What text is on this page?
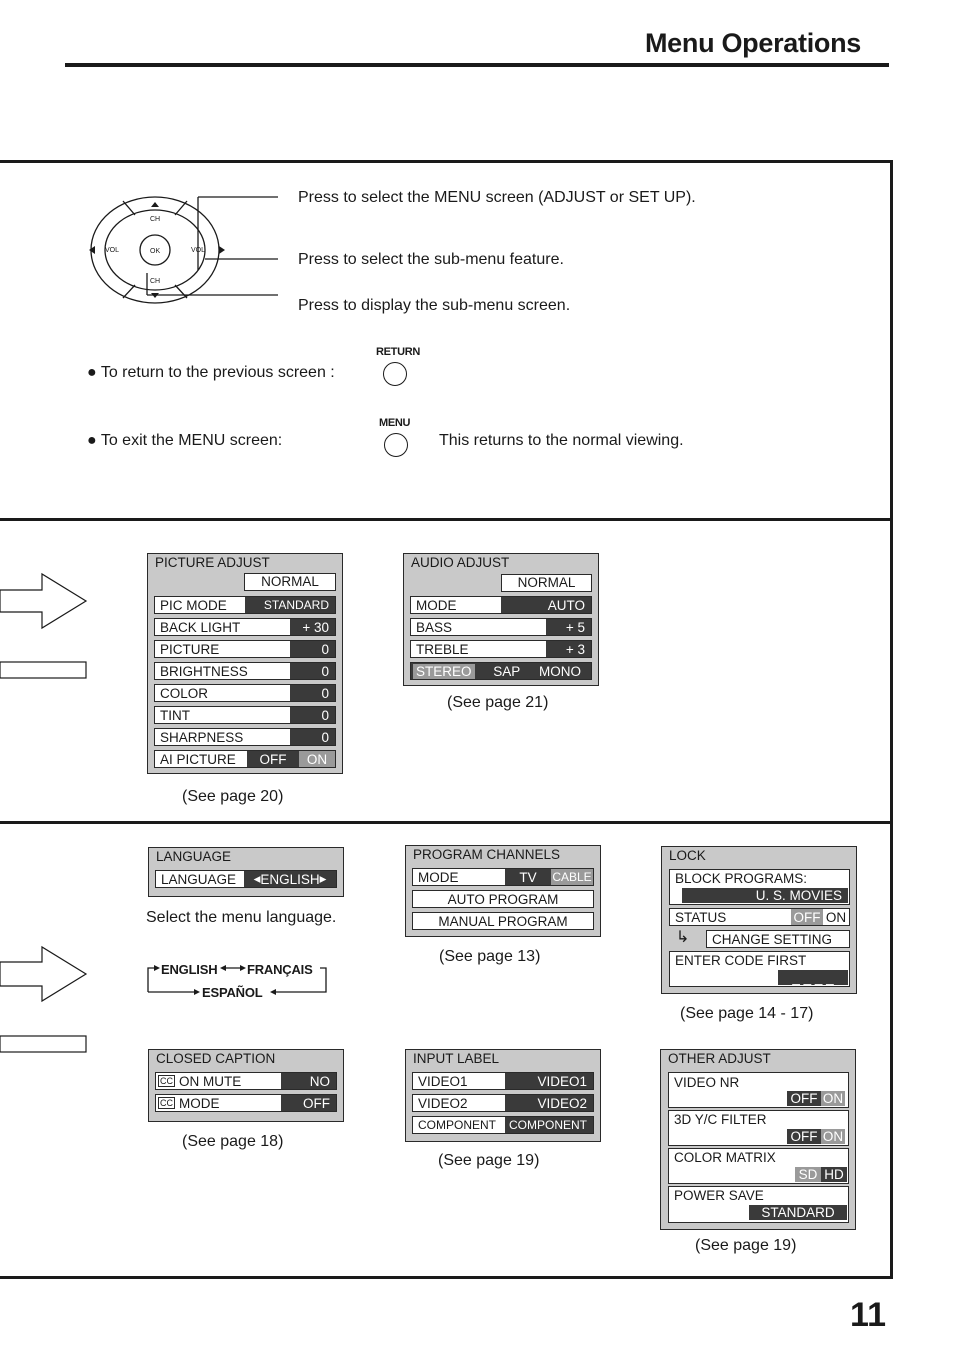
Menu Operations
CH
CH
VOL	VOL
OK
Press to select the MENU screen (ADJUST or SET UP).
Press to select the sub-menu feature.
Press to display the sub-menu screen.
● To return to the previous screen :
RETURN
● To exit the MENU screen:
MENU
This returns to the normal viewing.
PICTURE ADJUST
NORMAL
PIC MODE	STANDARD
BACK LIGHT	+ 30
PICTURE	0
BRIGHTNESS	0
COLOR	0
TINT	0
SHARPNESS	0
AI PICTURE	OFF	ON
(See page 20)
AUDIO ADJUST
NORMAL
MODE	AUTO
BASS	+ 5
TREBLE	+ 3
STEREO SAP MONO
(See page 21)
LANGUAGE
LANGUAGE	◂ ENGLISH ▸
Select the menu language.
ENGLISH FRANÇAIS
ESPAÑOL
PROGRAM CHANNELS
MODE	TV	CABLE
AUTO PROGRAM
MANUAL PROGRAM
(See page 13)
LOCK
BLOCK PROGRAMS:
U. S. MOVIES
STATUS	OFF ON
↳	CHANGE SETTING
ENTER CODE FIRST
_ _ _ _
(See page 14 - 17)
CLOSED CAPTION
CC ON MUTE	NO
CC MODE	OFF
(See page 18)
INPUT LABEL
VIDEO1	VIDEO1
VIDEO2	VIDEO2
COMPONENT	COMPONENT
(See page 19)
OTHER ADJUST
VIDEO NR
OFF ON
3D Y/C FILTER
OFF ON
COLOR MATRIX
SD HD
POWER SAVE
STANDARD
(See page 19)
11
